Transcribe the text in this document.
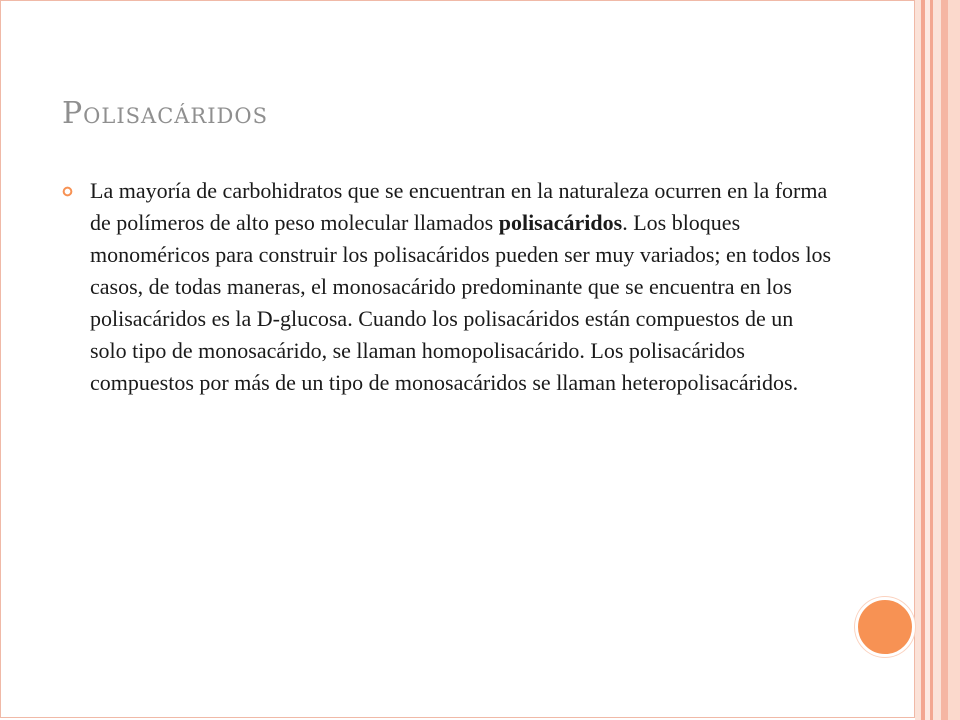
Polisacáridos
La mayoría de carbohidratos que se encuentran en la naturaleza ocurren en la forma de polímeros de alto peso molecular llamados polisacáridos. Los bloques monoméricos para construir los polisacáridos pueden ser muy variados; en todos los casos, de todas maneras, el monosacárido predominante que se encuentra en los polisacáridos es la D-glucosa. Cuando los polisacáridos están compuestos de un solo tipo de monosacárido, se llaman homopolisacárido. Los polisacáridos compuestos por más de un tipo de monosacáridos se llaman heteropolisacáridos.
